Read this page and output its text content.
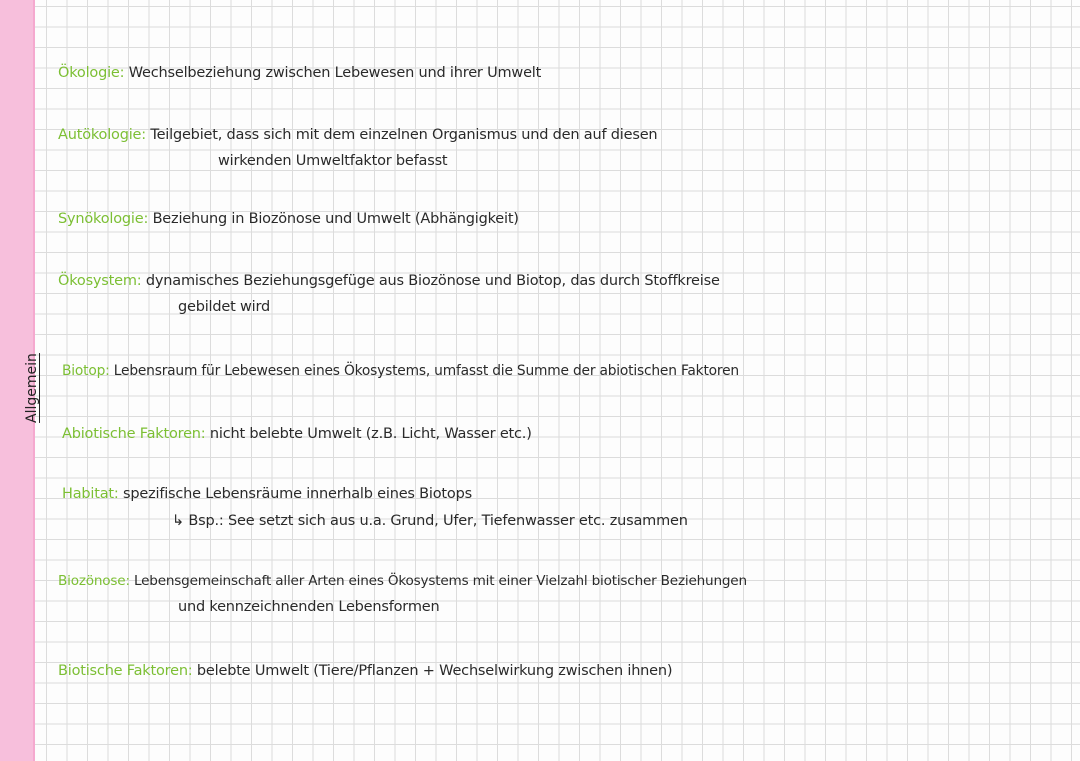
Allgemein
Ökologie: Wechselbeziehung zwischen Lebewesen und ihrer Umwelt
Autökologie: Teilgebiet, dass sich mit dem einzelnen Organismus und den auf diesen
wirkenden Umweltfaktor befasst
Synökologie: Beziehung in Biozönose und Umwelt (Abhängigkeit)
Ökosystem: dynamisches Beziehungsgefüge aus Biozönose und Biotop, das durch Stoffkreise
gebildet wird
Biotop: Lebensraum für Lebewesen eines Ökosystems, umfasst die Summe der abiotischen Faktoren
Abiotische Faktoren: nicht belebte Umwelt (z.B. Licht, Wasser etc.)
Habitat: spezifische Lebensräume innerhalb eines Biotops
↳ Bsp.: See setzt sich aus u.a. Grund, Ufer, Tiefenwasser etc. zusammen
Biozönose: Lebensgemeinschaft aller Arten eines Ökosystems mit einer Vielzahl biotischer Beziehungen
und kennzeichnenden Lebensformen
Biotische Faktoren: belebte Umwelt (Tiere/Pflanzen + Wechselwirkung zwischen ihnen)
